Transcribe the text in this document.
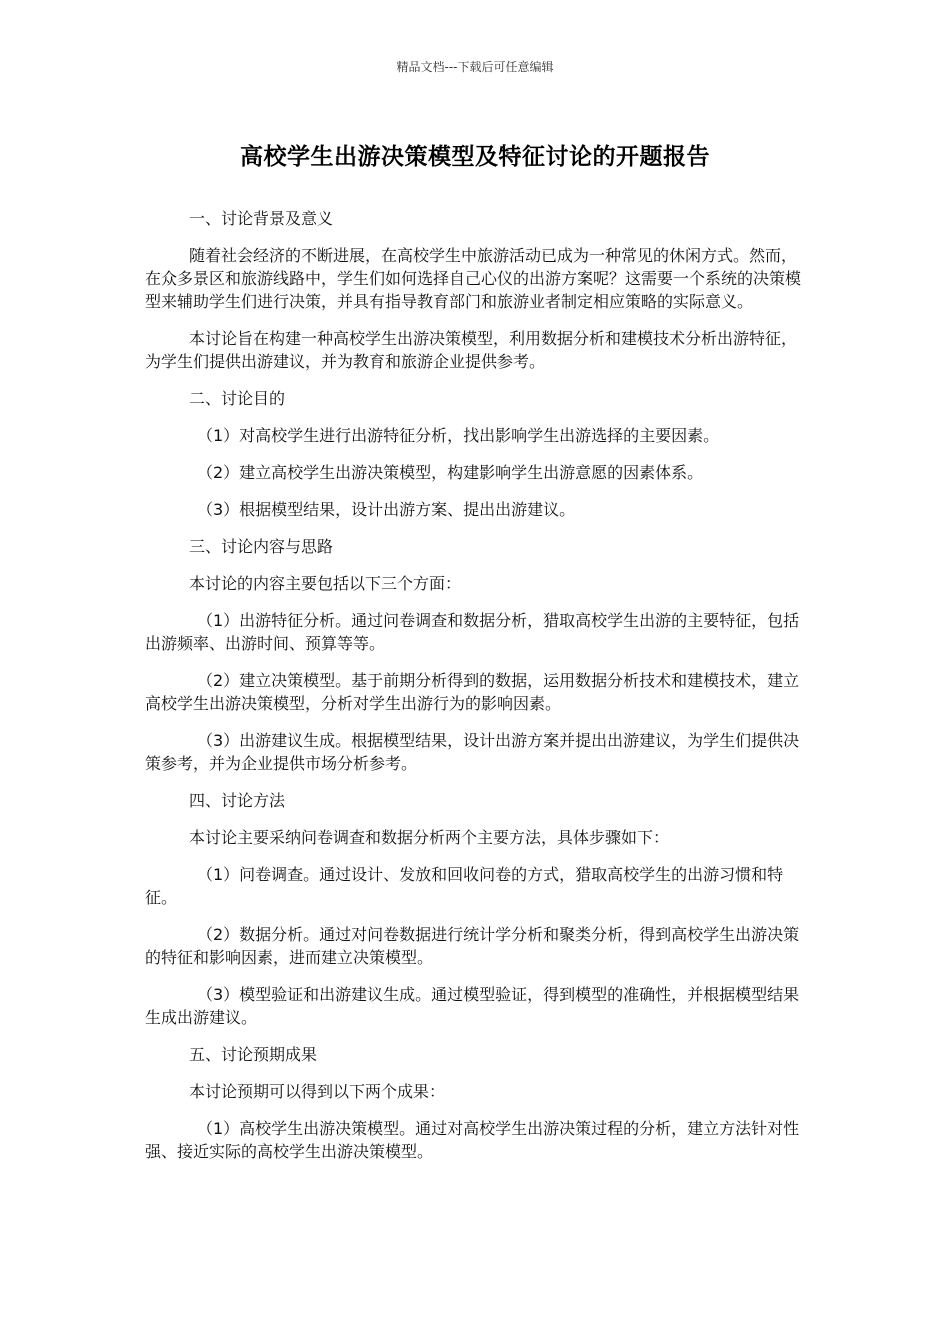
精品文档---下载后可任意编辑
高校学生出游决策模型及特征讨论的开题报告

一、讨论背景及意义

随着社会经济的不断进展，在高校学生中旅游活动已成为一种常见的休闲方式。然而，在众多景区和旅游线路中，学生们如何选择自己心仪的出游方案呢？这需要一个系统的决策模型来辅助学生们进行决策，并具有指导教育部门和旅游业者制定相应策略的实际意义。

本讨论旨在构建一种高校学生出游决策模型，利用数据分析和建模技术分析出游特征，为学生们提供出游建议，并为教育和旅游企业提供参考。

二、讨论目的

（1）对高校学生进行出游特征分析，找出影响学生出游选择的主要因素。

（2）建立高校学生出游决策模型，构建影响学生出游意愿的因素体系。

（3）根据模型结果，设计出游方案、提出出游建议。

三、讨论内容与思路

本讨论的内容主要包括以下三个方面：

（1）出游特征分析。通过问卷调查和数据分析，猎取高校学生出游的主要特征，包括出游频率、出游时间、预算等等。

（2）建立决策模型。基于前期分析得到的数据，运用数据分析技术和建模技术，建立高校学生出游决策模型，分析对学生出游行为的影响因素。

（3）出游建议生成。根据模型结果，设计出游方案并提出出游建议，为学生们提供决策参考，并为企业提供市场分析参考。

四、讨论方法

本讨论主要采纳问卷调查和数据分析两个主要方法，具体步骤如下：

（1）问卷调查。通过设计、发放和回收问卷的方式，猎取高校学生的出游习惯和特征。

（2）数据分析。通过对问卷数据进行统计学分析和聚类分析，得到高校学生出游决策的特征和影响因素，进而建立决策模型。

（3）模型验证和出游建议生成。通过模型验证，得到模型的准确性，并根据模型结果生成出游建议。

五、讨论预期成果

本讨论预期可以得到以下两个成果：

（1）高校学生出游决策模型。通过对高校学生出游决策过程的分析，建立方法针对性强、接近实际的高校学生出游决策模型。
